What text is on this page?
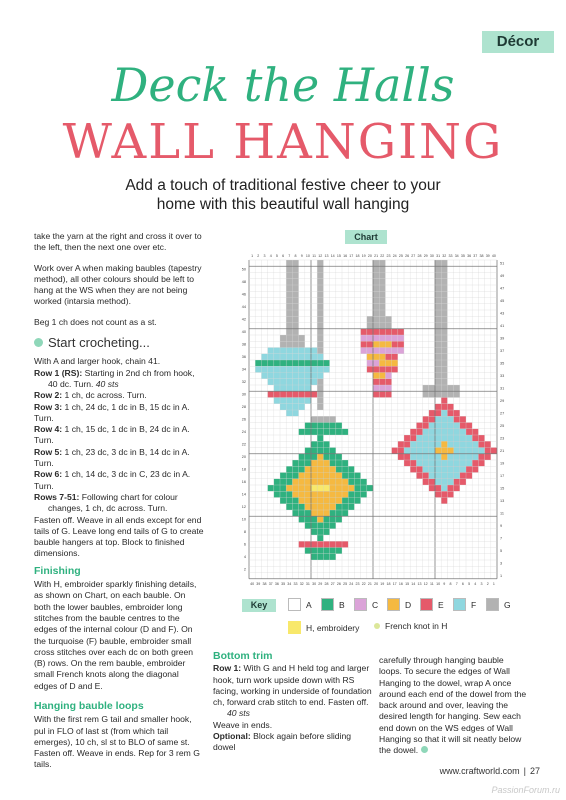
Décor
Deck the Halls
WALL HANGING
Add a touch of traditional festive cheer to your home with this beautiful wall hanging

take the yarn at the right and cross it over to the left, then the next one over etc.

Work over A when making baubles (tapestry method), all other colours should be left to hang at the WS when they are not being worked (intarsia method).

Beg 1 ch does not count as a st.

Start crocheting...
With A and larger hook, chain 41.
Row 1 (RS): Starting in 2nd ch from hook,
40 dc. Turn. 40 sts
Row 2: 1 ch, dc across. Turn.
Row 3: 1 ch, 24 dc, 1 dc in B, 15 dc in A. Turn.
Row 4: 1 ch, 15 dc, 1 dc in B, 24 dc in A. Turn.
Row 5: 1 ch, 23 dc, 3 dc in B, 14 dc in A. Turn.
Row 6: 1 ch, 14 dc, 3 dc in C, 23 dc in A. Turn.
Rows 7-51: Following chart for colour
changes, 1 ch, dc across. Turn.
Fasten off. Weave in all ends except for end tails of G. Leave long end tails of G to create bauble hangers at top. Block to finished dimensions.
Finishing

With H, embroider sparkly finishing details, as shown on Chart, on each bauble. On both the lower baubles, embroider long stitches from the bauble centres to the edges of the internal colour (D and F). On the turquoise (F) bauble, embroider small cross stitches over each dc on both green (B) rows. On the rem bauble, embroider small French knots along the diagonal edges of D and E.

Hanging bauble loops

With the first rem G tail and smaller hook, pul in FLO of last st (from which tail emerges), 10 ch, sl st to BLO of same st. Fasten off. Weave in ends. Rep for 3 rem G tails.

Chart
1
40
2
39
3
38
4
37
5
36
6
35
7
34
8
33
9
32
10
31
11
30
12
29
13
28
14
27
15
26
16
25
17
24
18
23
19
22
20
21
21
20
22
19
23
18
24
17
25
16
26
15
27
14
28
13
29
12
30
11
31
10
32
9
33
8
34
7
35
6
36
5
37
4
38
3
39
2
40
1
50
48
46
44
42
40
38
36
34
32
30
28
26
24
22
20
18
16
14
12
10
8
6
4
2
51
49
47
45
43
41
39
37
35
33
31
29
27
25
23
21
19
17
15
13
11
9
7
5
3
1
Key	A	B	C	D	E	F	G
H, embroidery	French knot in H
Bottom trim
Row 1: With G and H held tog and larger hook, turn work upside down with RS facing, working in underside of foundation ch, forward crab stitch to end. Fasten off.
40 sts
Weave in ends.
Optional: Block again before sliding dowel
carefully through hanging bauble loops. To secure the edges of Wall Hanging to the dowel, wrap A once around each end of the dowel from the back around and over, leaving the desired length for hanging. Sew each end down on the WS edges of Wall Hanging so that it will sit neatly below the dowel.
www.craftworld.com | 27
PassionForum.ru
